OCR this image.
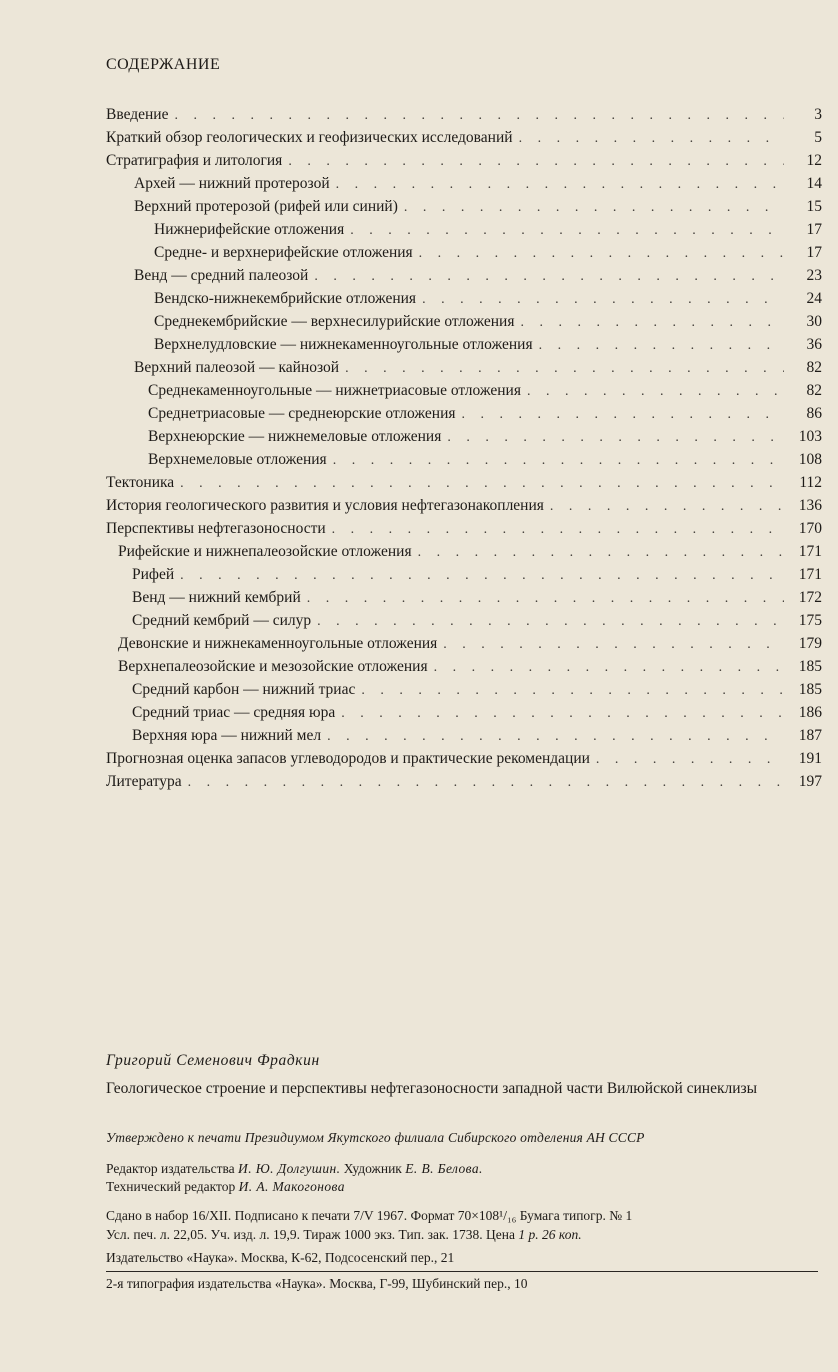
СОДЕРЖАНИЕ
Введение . . .	3
Краткий обзор геологических и геофизических исследований . . .	5
Стратиграфия и литология . . .	12
Архей — нижний протерозой . . .	14
Верхний протерозой (рифей или синий) . . .	15
Нижнерифейские отложения . . .	17
Средне- и верхнерифейские отложения . . .	17
Венд — средний палеозой . . .	23
Вендско-нижнекембрийские отложения . . .	24
Среднекембрийские — верхнесилурийские отложения . . .	30
Верхнелудловские — нижнекаменноугольные отложения . . .	36
Верхний палеозой — кайнозой . . .	82
Среднекаменноугольные — нижнетриасовые отложения . . .	82
Среднетриасовые — среднеюрские отложения . . .	86
Верхнеюрские — нижнемеловые отложения . . .	103
Верхнемеловые отложения . . .	108
Тектоника . . .	112
История геологического развития и условия нефтегазонакопления . . .	136
Перспективы нефтегазоносности . . .	170
Рифейские и нижнепалеозойские отложения . . .	171
Рифей . . .	171
Венд — нижний кембрий . . .	172
Средний кембрий — силур . . .	175
Девонские и нижнекаменноугольные отложения . . .	179
Верхнепалеозойские и мезозойские отложения . . .	185
Средний карбон — нижний триас . . .	185
Средний триас — средняя юра . . .	186
Верхняя юра — нижний мел . . .	187
Прогнозная оценка запасов углеводородов и практические рекомендации . . .	191
Литература . . .	197
Григорий Семенович Фрадкин
Геологическое строение и перспективы нефтегазоносности западной части Вилюйской синеклизы
Утверждено к печати Президиумом Якутского филиала Сибирского отделения АН СССР
Редактор издательства И. Ю. Долгушин. Художник Е. В. Белова.
Технический редактор И. А. Макогонова
Сдано в набор 16/XII. Подписано к печати 7/V 1967. Формат 70×108¹/₁₆ Бумага типогр. № 1
Усл. печ. л. 22,05. Уч. изд. л. 19,9. Тираж 1000 экз. Тип. зак. 1738. Цена 1 р. 26 коп.
Издательство «Наука». Москва, К-62, Подсосенский пер., 21
2-я типография издательства «Наука». Москва, Г-99, Шубинский пер., 10
